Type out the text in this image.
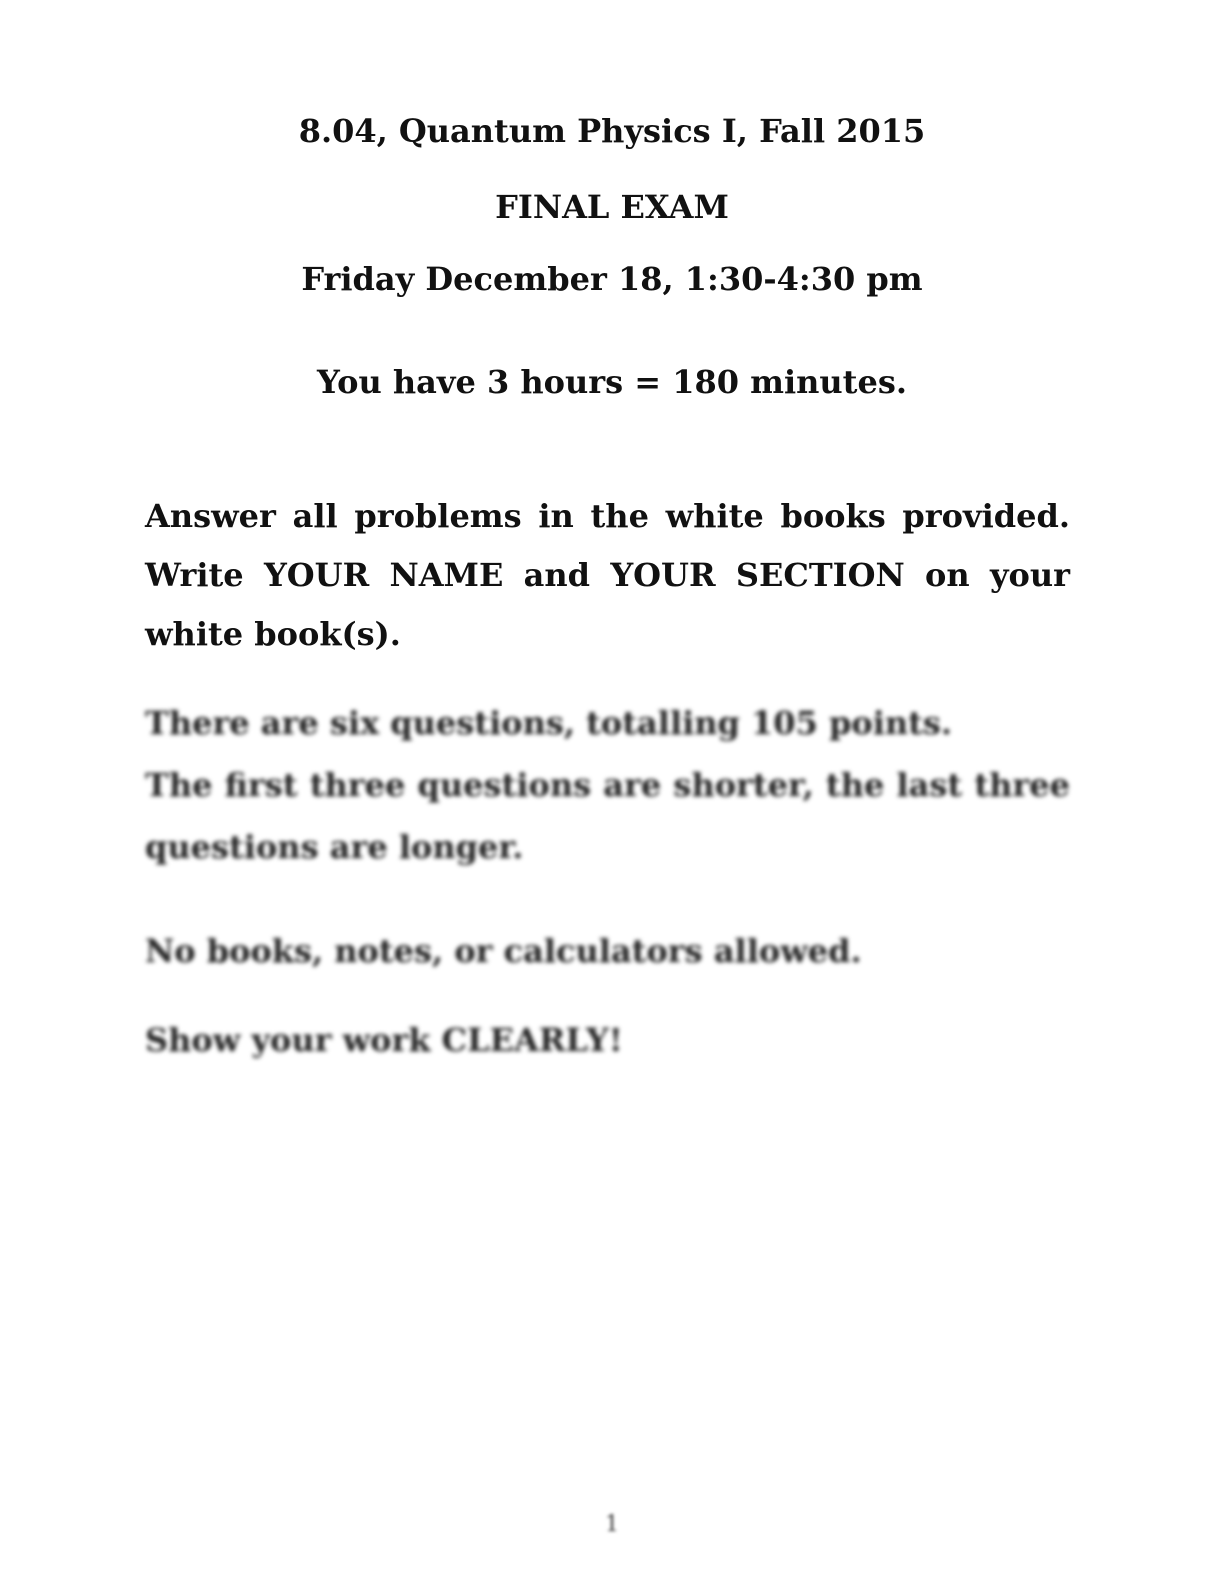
8.04, Quantum Physics I, Fall 2015
FINAL EXAM
Friday December 18, 1:30-4:30 pm
You have 3 hours = 180 minutes.
Answer all problems in the white books provided. Write YOUR NAME and YOUR SECTION on your white book(s).
There are six questions, totalling 105 points.
The first three questions are shorter, the last three questions are longer.
No books, notes, or calculators allowed.
Show your work CLEARLY!
1
